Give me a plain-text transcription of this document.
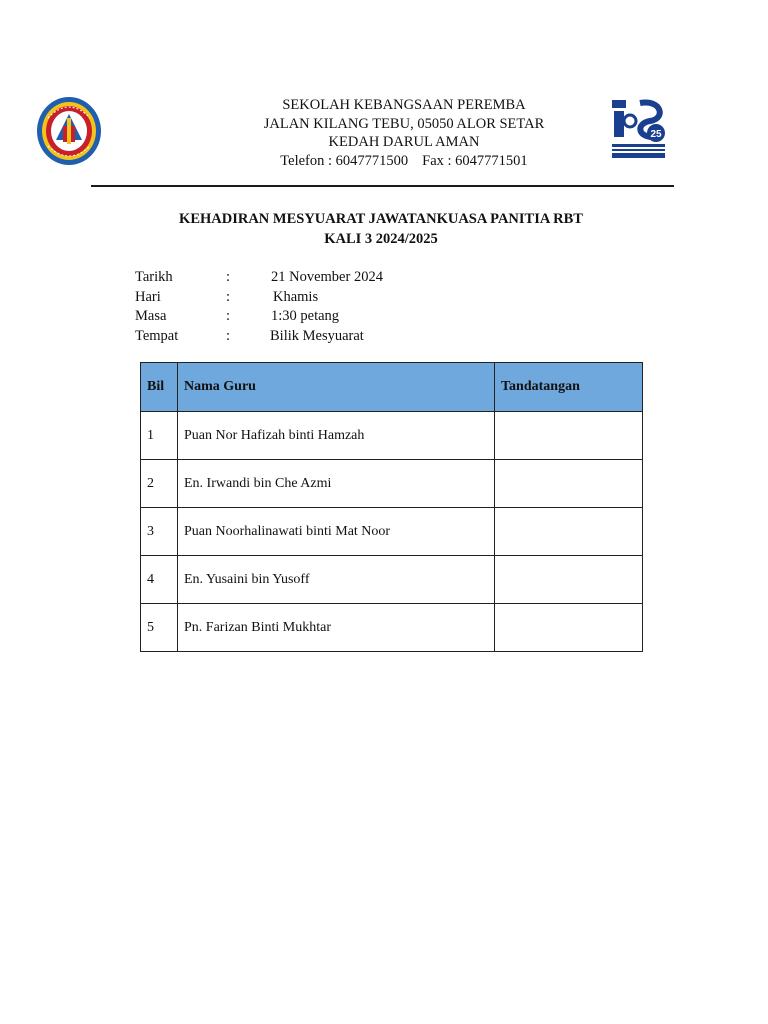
SEKOLAH KEBANGSAAN PEREMBA
JALAN KILANG TEBU, 05050 ALOR SETAR
KEDAH DARUL AMAN
Telefon : 6047771500 Fax : 6047771501
25
KEHADIRAN MESYUARAT JAWATANKUASA PANITIA RBT
KALI 3 2024/2025
Tarikh	:	21 November 2024
Hari	:	Khamis
Masa	:	1:30 petang
Tempat	:	Bilik Mesyuarat
Bil	Nama Guru	Tandatangan
1	Puan Nor Hafizah binti Hamzah	
2	En. Irwandi bin Che Azmi	
3	Puan Noorhalinawati binti Mat Noor	
4	En. Yusaini bin Yusoff	
5	Pn. Farizan Binti Mukhtar	
